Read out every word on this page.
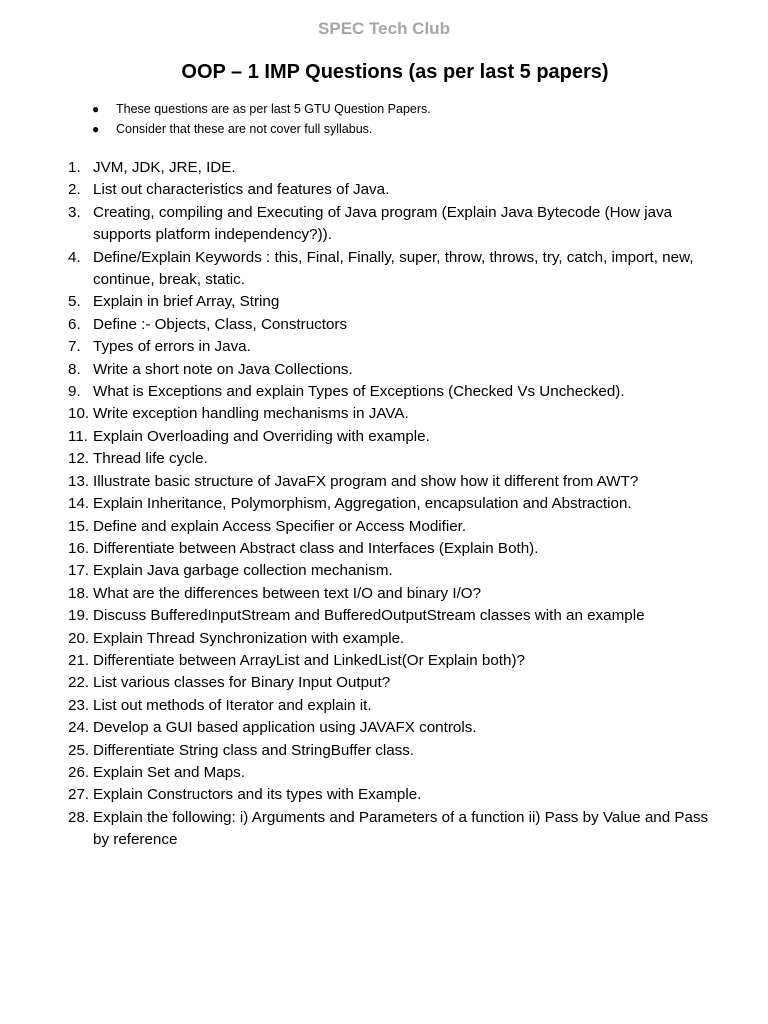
SPEC Tech Club
OOP – 1 IMP Questions (as per last 5 papers)
● These questions are as per last 5 GTU Question Papers.
● Consider that these are not cover full syllabus.
1. JVM, JDK, JRE, IDE.
2. List out characteristics and features of Java.
3. Creating, compiling and Executing of Java program (Explain Java Bytecode (How java supports platform independency?)).
4. Define/Explain Keywords : this, Final, Finally, super, throw, throws, try, catch, import, new, continue, break, static.
5. Explain in brief Array, String
6. Define :- Objects, Class, Constructors
7. Types of errors in Java.
8. Write a short note on Java Collections.
9. What is Exceptions and explain Types of Exceptions (Checked Vs Unchecked).
10. Write exception handling mechanisms in JAVA.
11. Explain Overloading and Overriding with example.
12. Thread life cycle.
13. Illustrate basic structure of JavaFX program and show how it different from AWT?
14. Explain Inheritance, Polymorphism, Aggregation, encapsulation and Abstraction.
15. Define and explain Access Specifier or Access Modifier.
16. Differentiate between Abstract class and Interfaces (Explain Both).
17. Explain Java garbage collection mechanism.
18. What are the differences between text I/O and binary I/O?
19. Discuss BufferedInputStream and BufferedOutputStream classes with an example
20. Explain Thread Synchronization with example.
21. Differentiate between ArrayList and LinkedList(Or Explain both)?
22. List various classes for Binary Input Output?
23. List out methods of Iterator and explain it.
24. Develop a GUI based application using JAVAFX controls.
25. Differentiate String class and StringBuffer class.
26. Explain Set and Maps.
27. Explain Constructors and its types with Example.
28. Explain the following: i) Arguments and Parameters of a function ii) Pass by Value and Pass by reference
